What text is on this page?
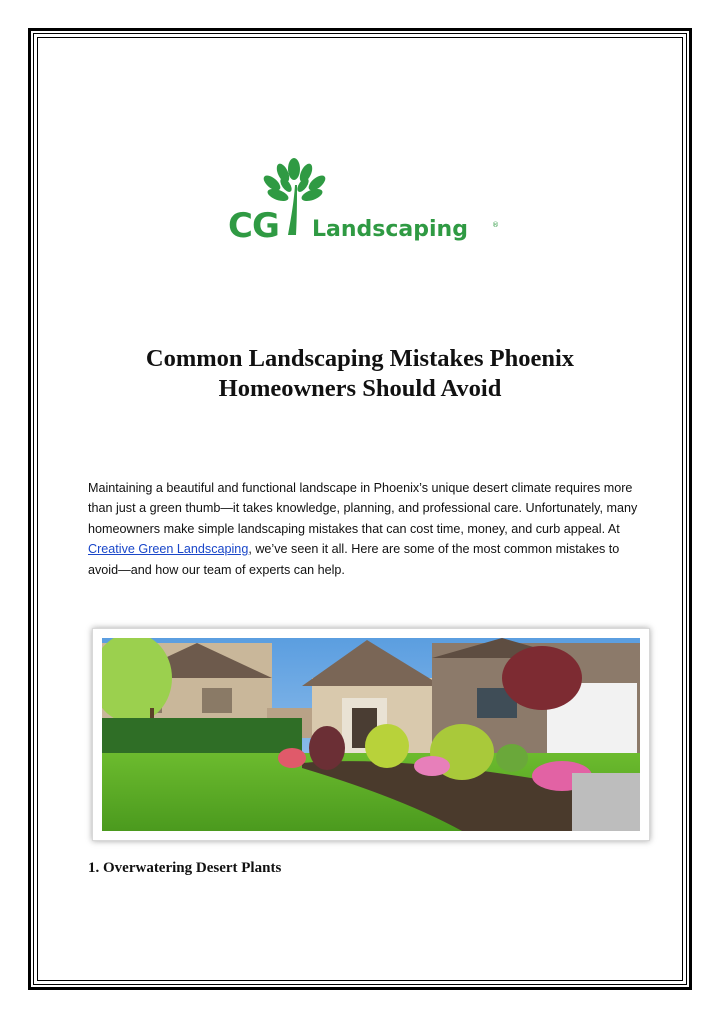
CG Landscaping	®
Common Landscaping Mistakes Phoenix
Homeowners Should Avoid

Maintaining a beautiful and functional landscape in Phoenix’s unique desert climate requires more than just a green thumb—it takes knowledge, planning, and professional care. Unfortunately, many homeowners make simple landscaping mistakes that can cost time, money, and curb appeal. At Creative Green Landscaping, we’ve seen it all. Here are some of the most common mistakes to avoid—and how our team of experts can help.

1. Overwatering Desert Plants
